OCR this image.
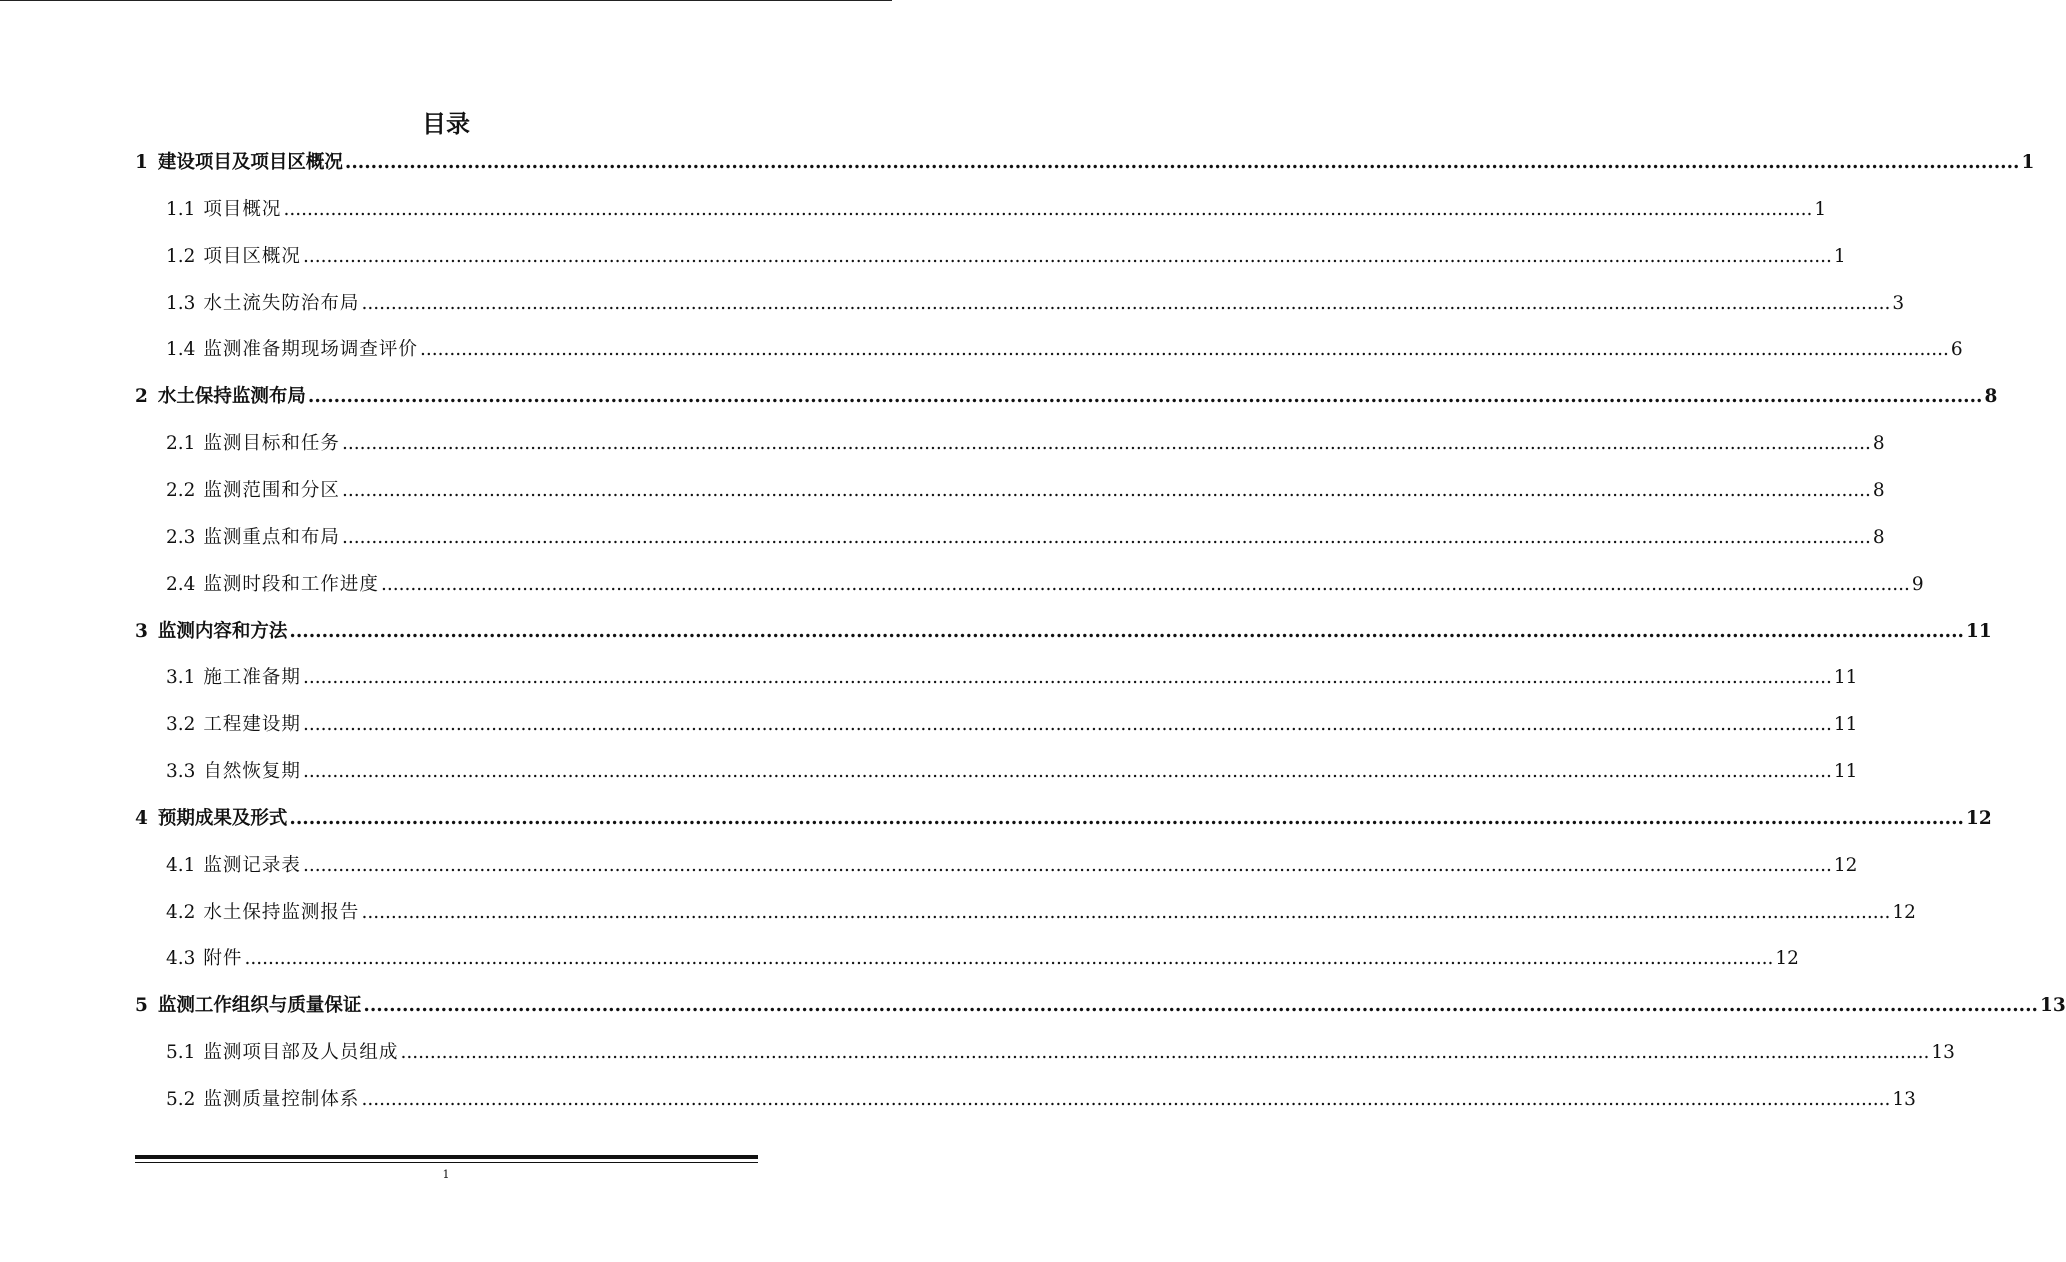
目录
1 建设项目及项目区概况 .................................................................................................................................................................................................................................................................... 1
1.1 项目概况 .................................................................................................................................................................................................................................................................... 1
1.2 项目区概况 .................................................................................................................................................................................................................................................................... 1
1.3 水土流失防治布局 .................................................................................................................................................................................................................................................................... 3
1.4 监测准备期现场调查评价 .................................................................................................................................................................................................................................................................... 6
2 水土保持监测布局 .................................................................................................................................................................................................................................................................... 8
2.1 监测目标和任务 .................................................................................................................................................................................................................................................................... 8
2.2 监测范围和分区 .................................................................................................................................................................................................................................................................... 8
2.3 监测重点和布局 .................................................................................................................................................................................................................................................................... 8
2.4 监测时段和工作进度 .................................................................................................................................................................................................................................................................... 9
3 监测内容和方法 .................................................................................................................................................................................................................................................................... 11
3.1 施工准备期 .................................................................................................................................................................................................................................................................... 11
3.2 工程建设期 .................................................................................................................................................................................................................................................................... 11
3.3 自然恢复期 .................................................................................................................................................................................................................................................................... 11
4 预期成果及形式 .................................................................................................................................................................................................................................................................... 12
4.1 监测记录表 .................................................................................................................................................................................................................................................................... 12
4.2 水土保持监测报告 .................................................................................................................................................................................................................................................................... 12
4.3 附件 .................................................................................................................................................................................................................................................................... 12
5 监测工作组织与质量保证 .................................................................................................................................................................................................................................................................... 13
5.1 监测项目部及人员组成 .................................................................................................................................................................................................................................................................... 13
5.2 监测质量控制体系 .................................................................................................................................................................................................................................................................... 13
1
